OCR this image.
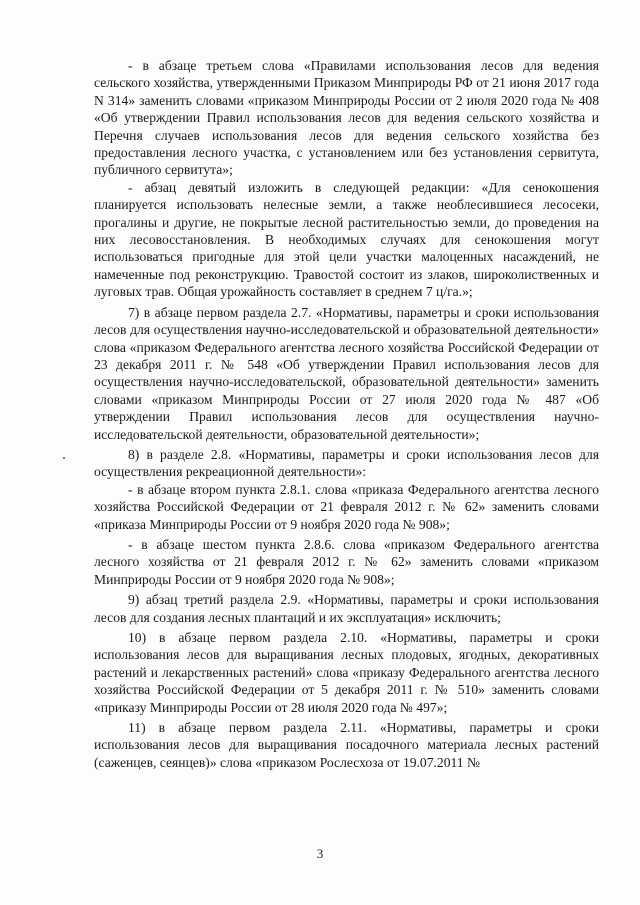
- в абзаце третьем слова «Правилами использования лесов для ведения сельского хозяйства, утвержденными Приказом Минприроды РФ от 21 июня 2017 года N 314» заменить словами «приказом Минприроды России от 2 июля 2020 года № 408 «Об утверждении Правил использования лесов для ведения сельского хозяйства и Перечня случаев использования лесов для ведения сельского хозяйства без предоставления лесного участка, с установлением или без установления сервитута, публичного сервитута»;

- абзац девятый изложить в следующей редакции: «Для сенокошения планируется использовать нелесные земли, а также необлесившиеся лесосеки, прогалины и другие, не покрытые лесной растительностью земли, до проведения на них лесовосстановления. В необходимых случаях для сенокошения могут использоваться пригодные для этой цели участки малоценных насаждений, не намеченные под реконструкцию. Травостой состоит из злаков, широколиственных и луговых трав. Общая урожайность составляет в среднем 7 ц/га.»;

7) в абзаце первом раздела 2.7. «Нормативы, параметры и сроки использования лесов для осуществления научно-исследовательской и образовательной деятельности» слова «приказом Федерального агентства лесного хозяйства Российской Федерации от 23 декабря 2011 г. № 548 «Об утверждении Правил использования лесов для осуществления научно-исследовательской, образовательной деятельности» заменить словами «приказом Минприроды России от 27 июля 2020 года № 487 «Об утверждении Правил использования лесов для осуществления научно-исследовательской деятельности, образовательной деятельности»;

8) в разделе 2.8. «Нормативы, параметры и сроки использования лесов для осуществления рекреационной деятельности»:

- в абзаце втором пункта 2.8.1. слова «приказа Федерального агентства лесного хозяйства Российской Федерации от 21 февраля 2012 г. № 62» заменить словами «приказа Минприроды России от 9 ноября 2020 года № 908»;

- в абзаце шестом пункта 2.8.6. слова «приказом Федерального агентства лесного хозяйства от 21 февраля 2012 г. № 62» заменить словами «приказом Минприроды России от 9 ноября 2020 года № 908»;

9) абзац третий раздела 2.9. «Нормативы, параметры и сроки использования лесов для создания лесных плантаций и их эксплуатация» исключить;

10) в абзаце первом раздела 2.10. «Нормативы, параметры и сроки использования лесов для выращивания лесных плодовых, ягодных, декоративных растений и лекарственных растений» слова «приказу Федерального агентства лесного хозяйства Российской Федерации от 5 декабря 2011 г. № 510» заменить словами «приказу Минприроды России от 28 июля 2020 года № 497»;

11) в абзаце первом раздела 2.11. «Нормативы, параметры и сроки использования лесов для выращивания посадочного материала лесных растений (саженцев, сеянцев)» слова «приказом Рослесхоза от 19.07.2011 №

3
